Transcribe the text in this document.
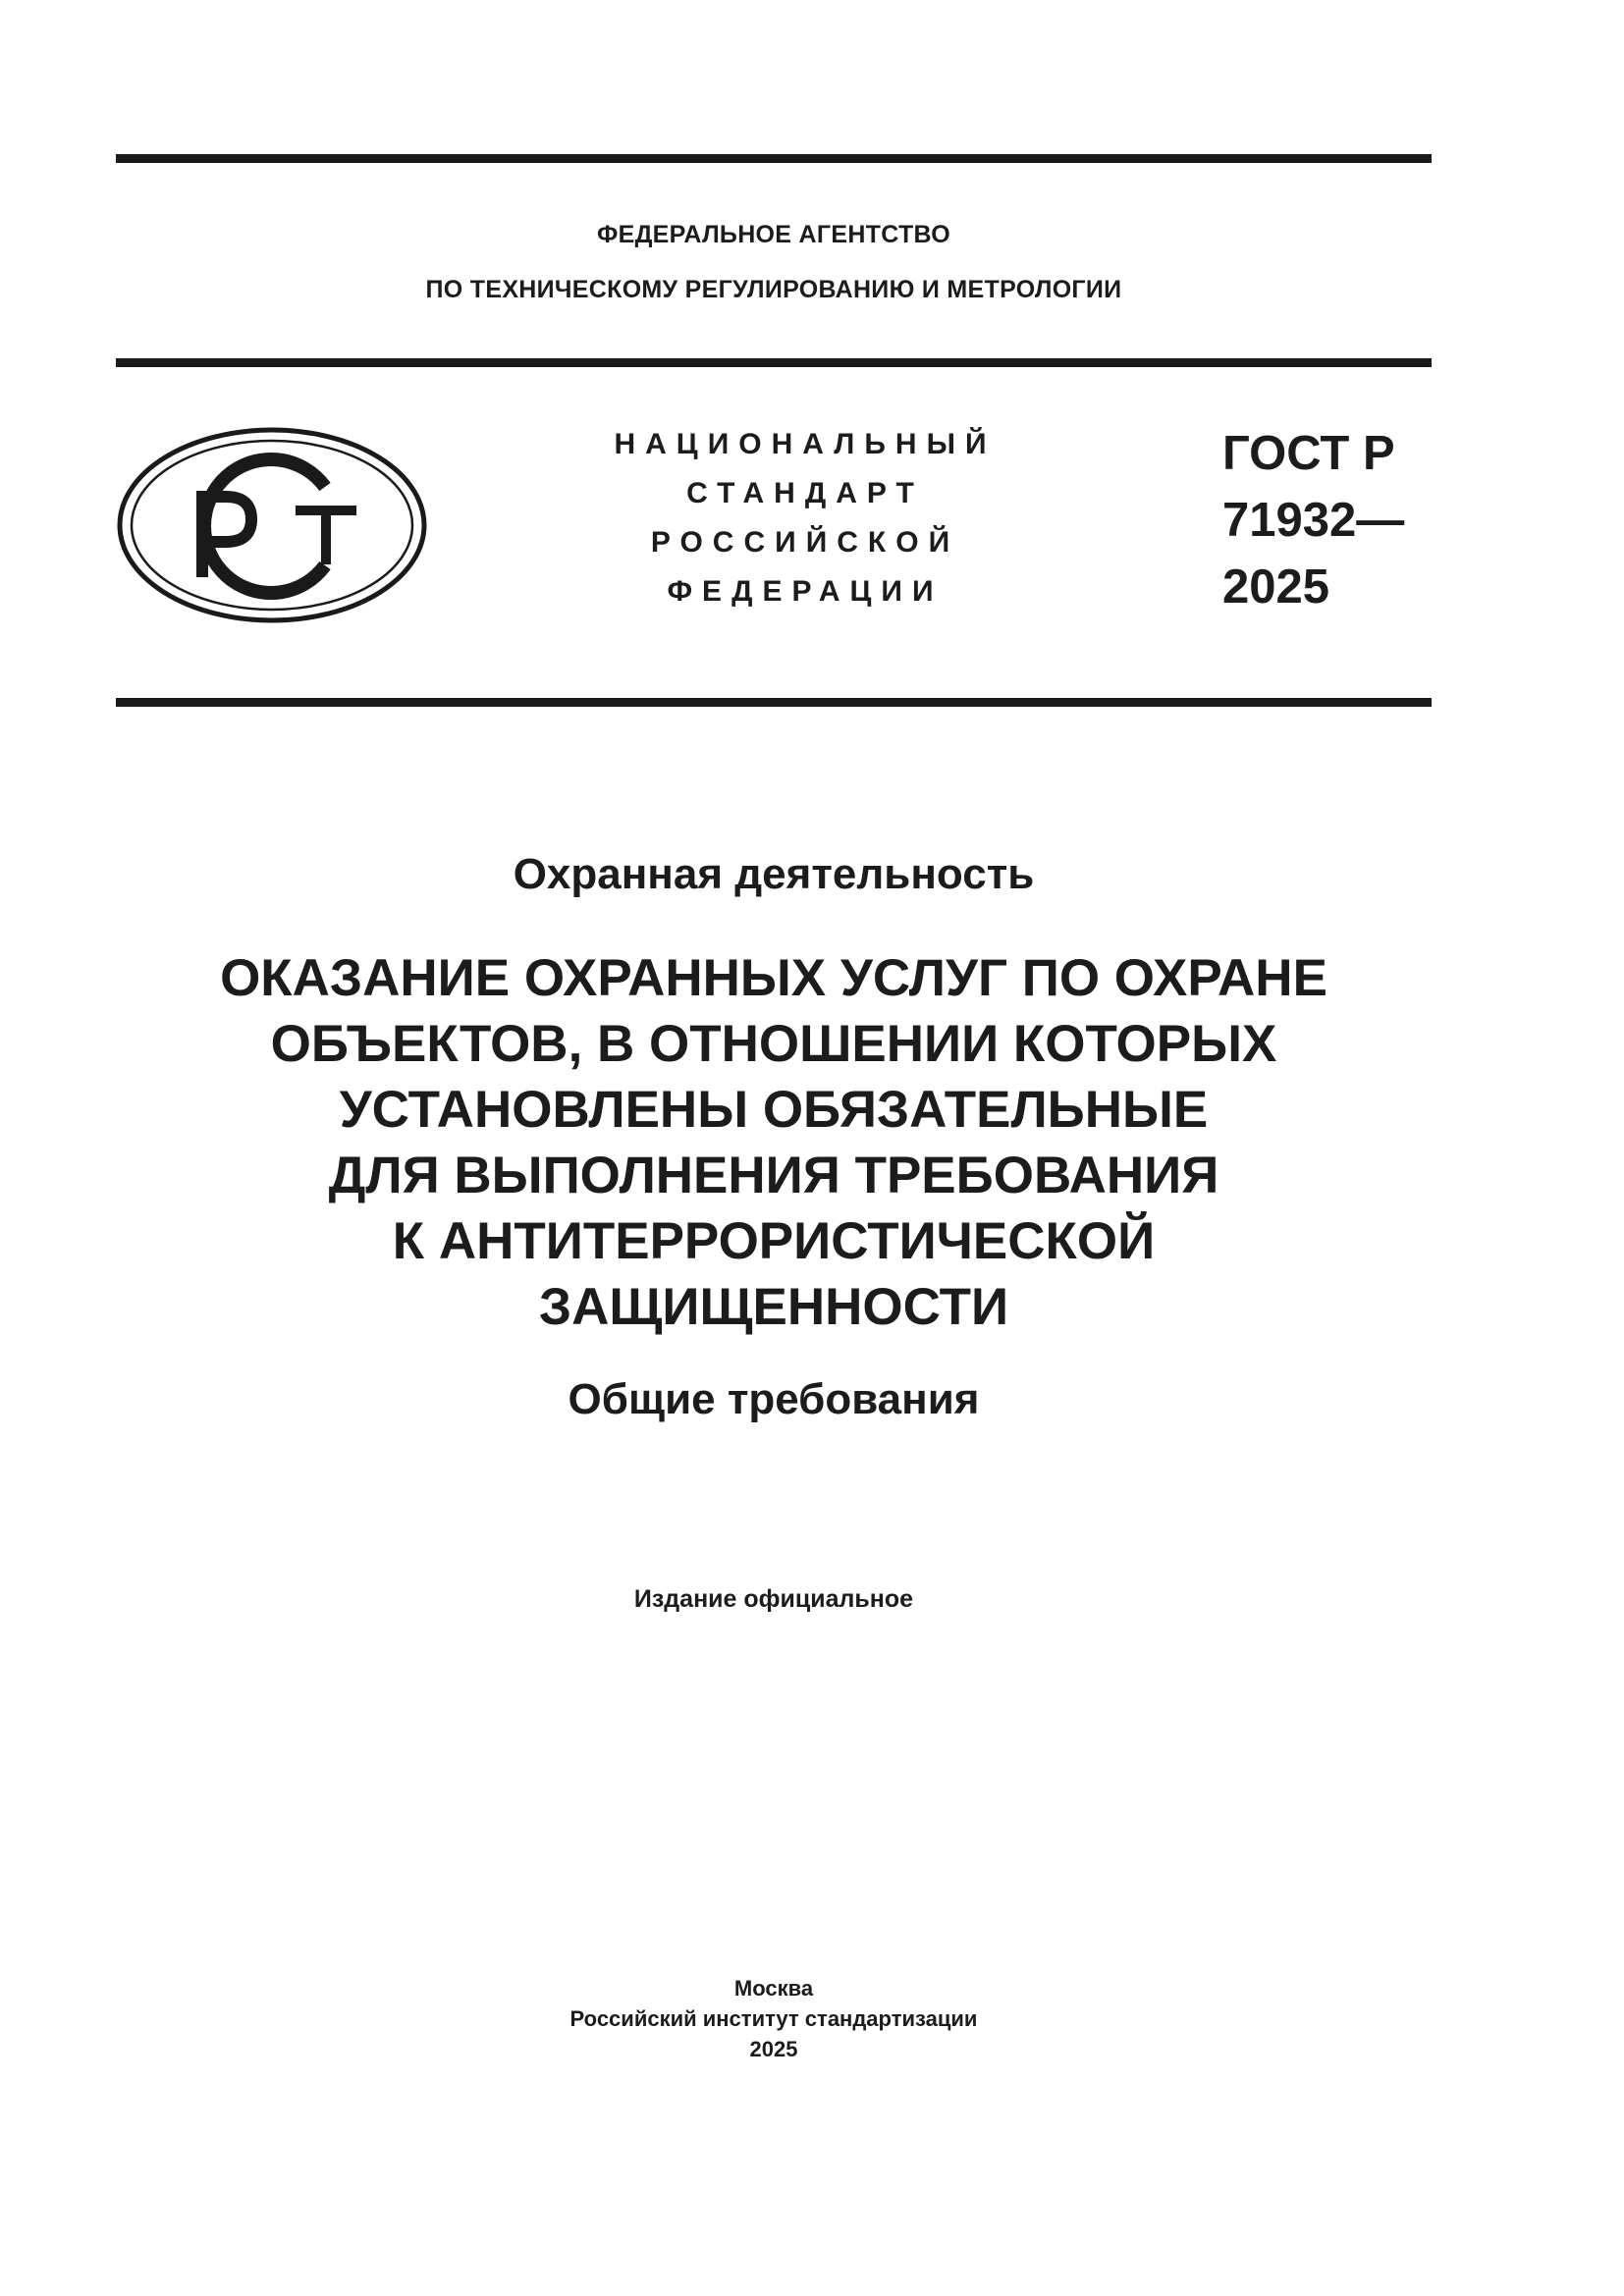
ФЕДЕРАЛЬНОЕ АГЕНТСТВО
ПО ТЕХНИЧЕСКОМУ РЕГУЛИРОВАНИЮ И МЕТРОЛОГИИ
НАЦИОНАЛЬНЫЙ
СТАНДАРТ
РОССИЙСКОЙ
ФЕДЕРАЦИИ
ГОСТ Р
71932—
2025
Охранная деятельность
ОКАЗАНИЕ ОХРАННЫХ УСЛУГ ПО ОХРАНЕ
ОБЪЕКТОВ, В ОТНОШЕНИИ КОТОРЫХ
УСТАНОВЛЕНЫ ОБЯЗАТЕЛЬНЫЕ
ДЛЯ ВЫПОЛНЕНИЯ ТРЕБОВАНИЯ
К АНТИТЕРРОРИСТИЧЕСКОЙ
ЗАЩИЩЕННОСТИ
Общие требования
Издание официальное
Москва
Российский институт стандартизации
2025
